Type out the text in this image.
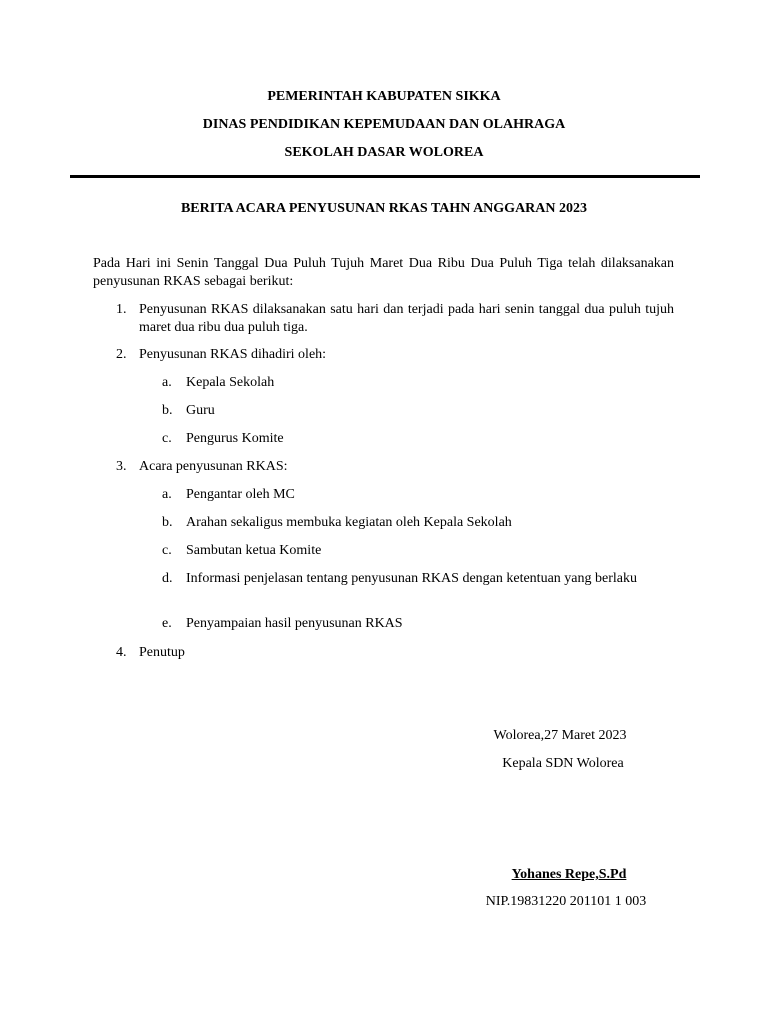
PEMERINTAH KABUPATEN SIKKA
DINAS PENDIDIKAN KEPEMUDAAN DAN OLAHRAGA
SEKOLAH DASAR WOLOREA
BERITA ACARA PENYUSUNAN RKAS TAHN ANGGARAN 2023
Pada Hari ini Senin Tanggal Dua Puluh Tujuh Maret Dua Ribu Dua Puluh Tiga telah dilaksanakan penyusunan RKAS sebagai berikut:
1. Penyusunan RKAS dilaksanakan satu hari dan terjadi pada hari senin tanggal dua puluh tujuh maret dua ribu dua puluh tiga.
2. Penyusunan RKAS dihadiri oleh:
a. Kepala Sekolah
b. Guru
c. Pengurus Komite
3. Acara penyusunan RKAS:
a. Pengantar oleh MC
b. Arahan sekaligus membuka kegiatan oleh Kepala Sekolah
c. Sambutan ketua Komite
d. Informasi penjelasan tentang penyusunan RKAS dengan ketentuan yang berlaku
e. Penyampaian hasil penyusunan RKAS
4. Penutup
Wolorea,27 Maret 2023
Kepala SDN Wolorea
Yohanes Repe,S.Pd
NIP.19831220 201101 1 003
